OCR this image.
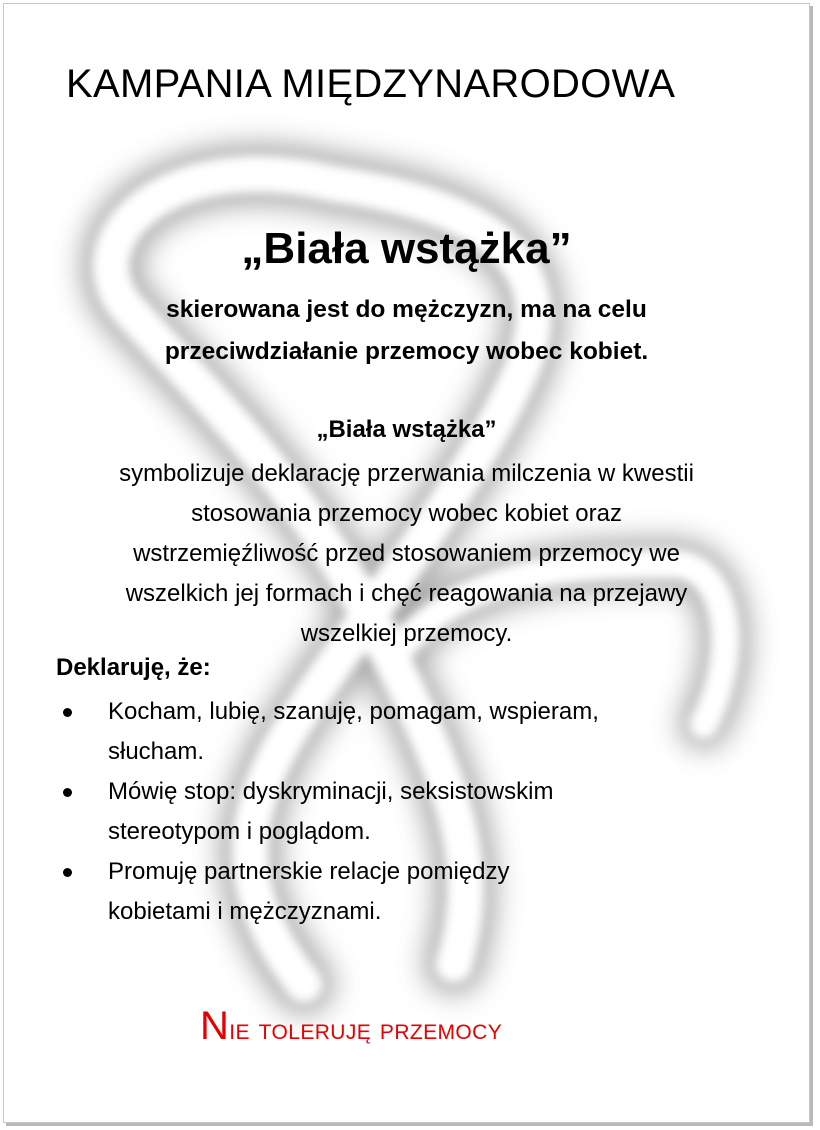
KAMPANIA MIĘDZYNARODOWA
„Biała wstążka”
skierowana jest do mężczyzn, ma na celu
przeciwdziałanie przemocy wobec kobiet.
„Biała wstążka”
symbolizuje deklarację przerwania milczenia w kwestii
stosowania przemocy wobec kobiet oraz
wstrzemięźliwość przed stosowaniem przemocy we
wszelkich jej formach i chęć reagowania na przejawy
wszelkiej przemocy.
Deklaruję, że:
Kocham, lubię, szanuję, pomagam, wspieram,
słucham.
Mówię stop: dyskryminacji, seksistowskim
stereotypom i poglądom.
Promuję partnerskie relacje pomiędzy
kobietami i mężczyznami.
Nie toleruję przemocy
